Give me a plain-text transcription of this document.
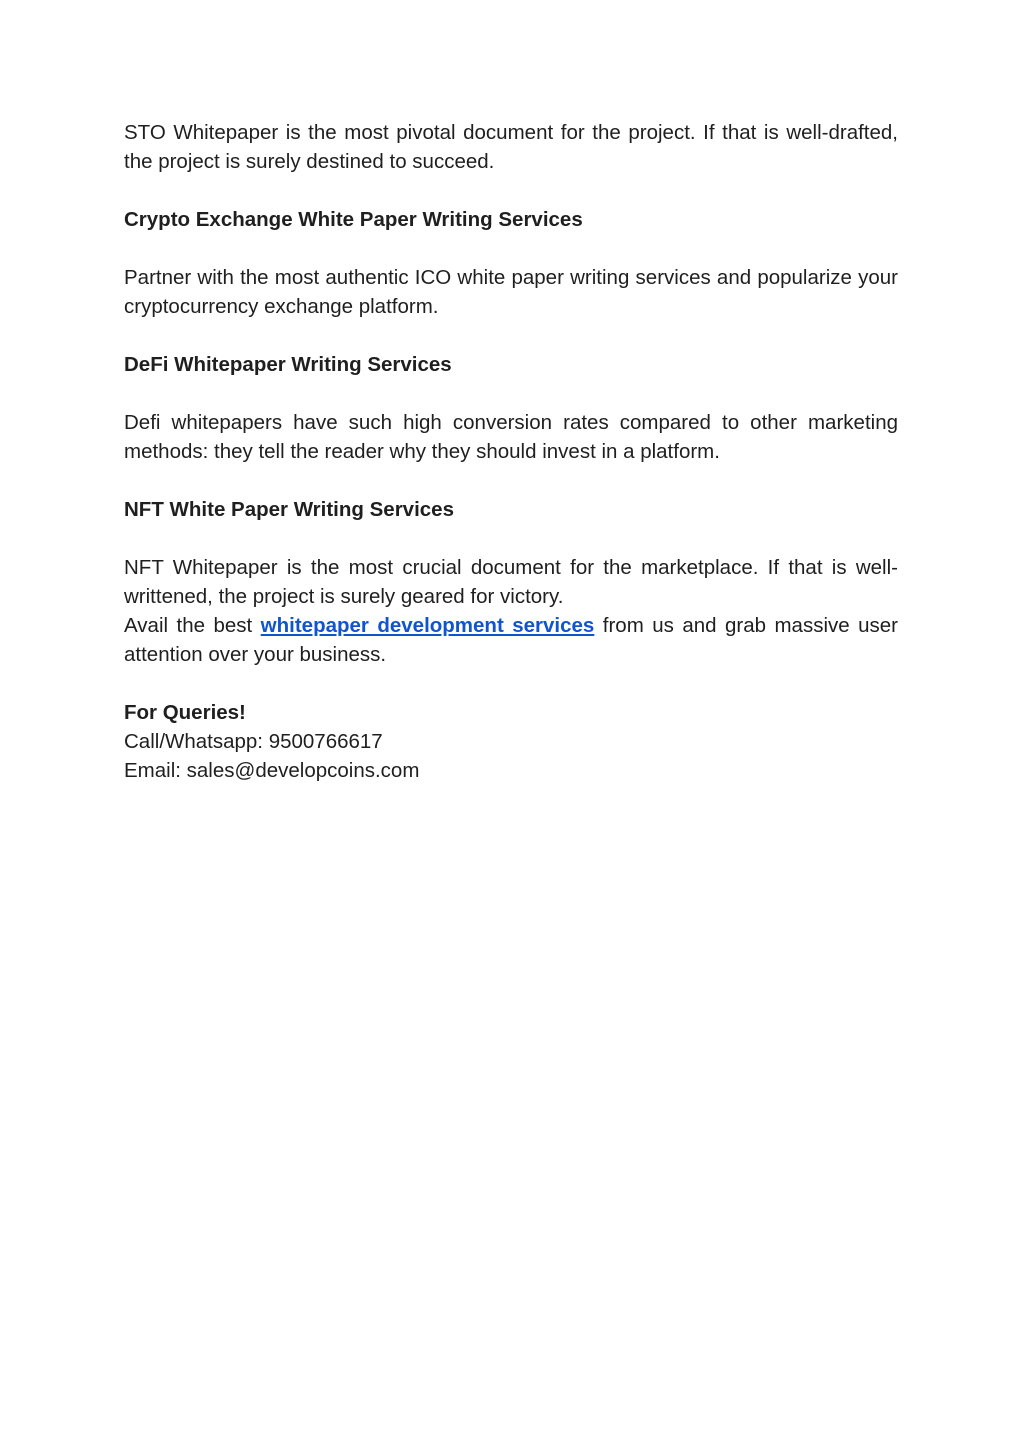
STO Whitepaper is the most pivotal document for the project. If that is well-drafted, the project is surely destined to succeed.

Crypto Exchange White Paper Writing Services

Partner with the most authentic ICO white paper writing services and popularize your cryptocurrency exchange platform.

DeFi Whitepaper Writing Services

Defi whitepapers have such high conversion rates compared to other marketing methods: they tell the reader why they should invest in a platform.

NFT White Paper Writing Services

NFT Whitepaper is the most crucial document for the marketplace. If that is well-writtened, the project is surely geared for victory.

Avail the best whitepaper development services from us and grab massive user attention over your business.

For Queries!

Call/Whatsapp: 9500766617

Email: sales@developcoins.com
